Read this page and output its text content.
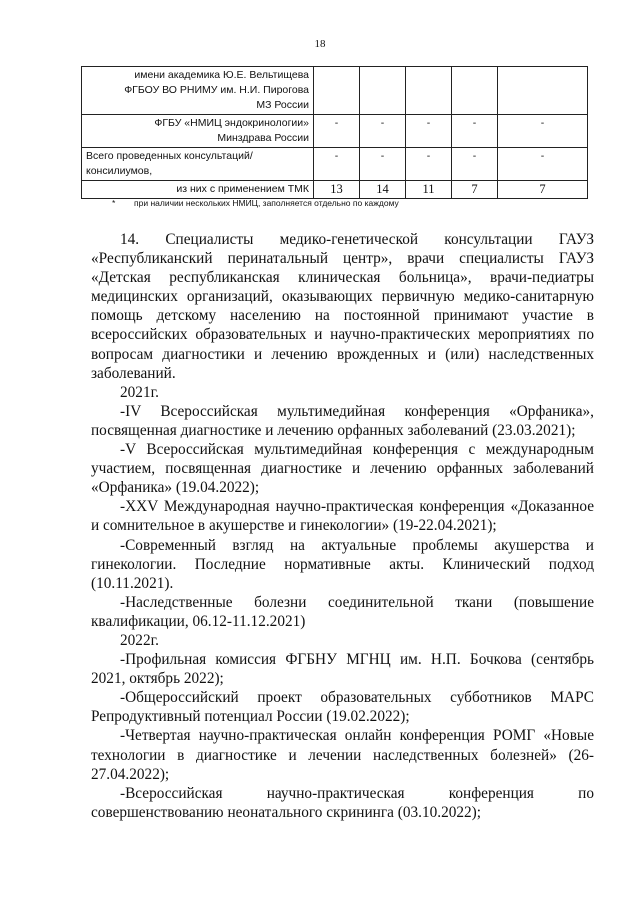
18
имени академика Ю.Е. Вельтищева
ФГБОУ ВО РНИМУ им. Н.И. Пирогова
МЗ России					

ФГБУ «НМИЦ эндокринологии»
Минздрава России	-	-	-	-	-

Всего проведенных консультаций/
консилиумов,	-	-	-	-	-

из них с применением ТМК	13	14	11	7	7
* при наличии нескольких НМИЦ, заполняется отдельно по каждому

14. Специалисты медико-генетической консультации ГАУЗ «Республиканский перинатальный центр», врачи специалисты ГАУЗ «Детская республиканская клиническая больница», врачи-педиатры медицинских организаций, оказывающих первичную медико-санитарную помощь детскому населению на постоянной принимают участие в всероссийских образовательных и научно-практических мероприятиях по вопросам диагностики и лечению врожденных и (или) наследственных заболеваний.

2021г.

-IV Всероссийская мультимедийная конференция «Орфаника», посвященная диагностике и лечению орфанных заболеваний (23.03.2021);

-V Всероссийская мультимедийная конференция с международным участием, посвященная диагностике и лечению орфанных заболеваний «Орфаника» (19.04.2022);

-XXV Международная научно-практическая конференция «Доказанное и сомнительное в акушерстве и гинекологии» (19-22.04.2021);

-Современный взгляд на актуальные проблемы акушерства и гинекологии. Последние нормативные акты. Клинический подход (10.11.2021).

-Наследственные болезни соединительной ткани (повышение квалификации, 06.12-11.12.2021)

2022г.

-Профильная комиссия ФГБНУ МГНЦ им. Н.П. Бочкова (сентябрь 2021, октябрь 2022);

-Общероссийский проект образовательных субботников МАРС Репродуктивный потенциал России (19.02.2022);

-Четвертая научно-практическая онлайн конференция РОМГ «Новые технологии в диагностике и лечении наследственных болезней» (26-27.04.2022);

-Всероссийская научно-практическая конференция по совершенствованию неонатального скрининга (03.10.2022);
